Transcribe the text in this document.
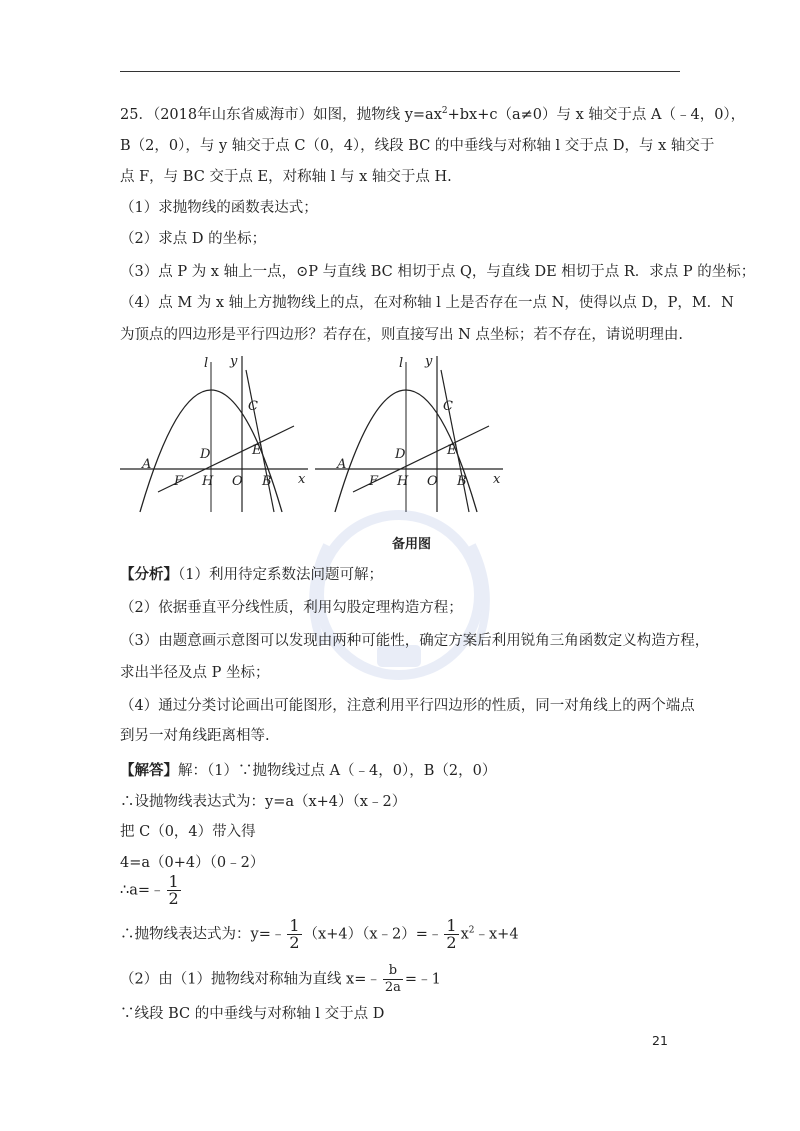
25．（2018年山东省威海市）如图，抛物线 $y=ax^2+bx+c(a\ne 0)$与 x 轴交于点 A（﹣4，0），
B（2，0），与 y 轴交于点 C（0，4），线段 BC 的中垂线与对称轴 l 交于点 D，与 x 轴交于
点 F，与 BC 交于点 E，对称轴 l 与 x 轴交于点 H.
（1）求抛物线的函数表达式；
（2）求点 D 的坐标；
（3）点 P 为 x 轴上一点，⊙P 与直线 BC 相切于点 Q，与直线 DE 相切于点 R．求点 P 的坐标；
（4）点 M 为 x 轴上方抛物线上的点，在对称轴 l 上是否存在一点 N，使得以点 D，P，M．N
为顶点的四边形是平行四边形？若存在，则直接写出 N 点坐标；若不存在，请说明理由.
l y
C
D	E
A
F H O B x
l y
C
D	E
A
F H O B x
备用图
【分析】（1）利用待定系数法问题可解；
（2）依据垂直平分线性质，利用勾股定理构造方程；
（3）由题意画示意图可以发现由两种可能性，确定方案后利用锐角三角函数定义构造方程，
求出半径及点 P 坐标；
（4）通过分类讨论画出可能图形，注意利用平行四边形的性质，同一对角线上的两个端点
到另一对角线距离相等.
【解答】解：（1）∵抛物线过点 A（﹣4，0），B（2，0）
∴设抛物线表达式为：y=a（x+4）（x﹣2）
把 C（0，4）带入得
4=a（0+4）（0﹣2）
∴a=﹣ $\frac{1}{2}$
∴抛物线表达式为：y=﹣ $\frac{1}{2}$ （x+4）（x﹣2）=﹣ $\frac{1}{2}$ $x^2﹣x+4$
（2）由（1）抛物线对称轴为直线 x=﹣ $\frac{b}{2a}$ =﹣1
∵线段 BC 的中垂线与对称轴 l 交于点 D
21
